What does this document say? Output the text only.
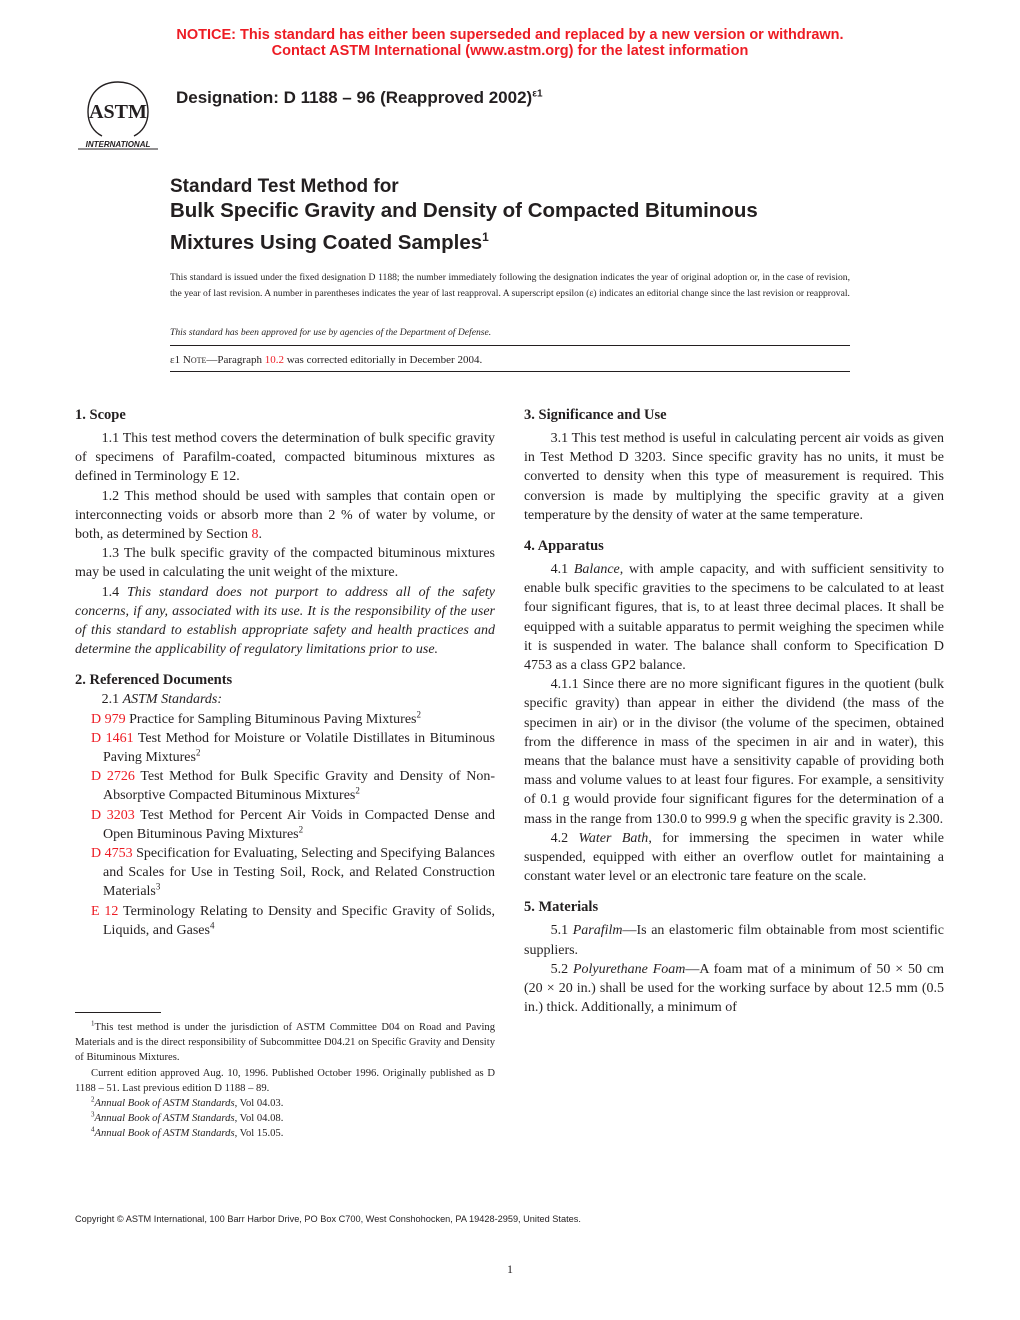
NOTICE: This standard has either been superseded and replaced by a new version or withdrawn.
Contact ASTM International (www.astm.org) for the latest information
ASTM
INTERNATIONAL
Designation: D 1188 – 96 (Reapproved 2002)$^{\varepsilon 1}$
Standard Test Method for
Bulk Specific Gravity and Density of Compacted Bituminous
Mixtures Using Coated Samples$^1$
This standard is issued under the fixed designation D 1188; the number immediately following the designation indicates the year of original adoption or, in the case of revision, the year of last revision. A number in parentheses indicates the year of last reapproval. A superscript epsilon (ε) indicates an editorial change since the last revision or reapproval.
This standard has been approved for use by agencies of the Department of Defense.
ε1 Note—Paragraph 10.2 was corrected editorially in December 2004.
1. Scope

1.1 This test method covers the determination of bulk specific gravity of specimens of Parafilm-coated, compacted bituminous mixtures as defined in Terminology E 12.

1.2 This method should be used with samples that contain open or interconnecting voids or absorb more than 2 % of water by volume, or both, as determined by Section 8.

1.3 The bulk specific gravity of the compacted bituminous mixtures may be used in calculating the unit weight of the mixture.

1.4 This standard does not purport to address all of the safety concerns, if any, associated with its use. It is the responsibility of the user of this standard to establish appropriate safety and health practices and determine the applicability of regulatory limitations prior to use.

2. Referenced Documents

2.1 ASTM Standards:

D 979 Practice for Sampling Bituminous Paving Mixtures$^2$

D 1461 Test Method for Moisture or Volatile Distillates in Bituminous Paving Mixtures$^2$

D 2726 Test Method for Bulk Specific Gravity and Density of Non-Absorptive Compacted Bituminous Mixtures$^2$

D 3203 Test Method for Percent Air Voids in Compacted Dense and Open Bituminous Paving Mixtures$^2$

D 4753 Specification for Evaluating, Selecting and Specifying Balances and Scales for Use in Testing Soil, Rock, and Related Construction Materials$^3$

E 12 Terminology Relating to Density and Specific Gravity of Solids, Liquids, and Gases$^4$

$^1$This test method is under the jurisdiction of ASTM Committee D04 on Road and Paving Materials and is the direct responsibility of Subcommittee D04.21 on Specific Gravity and Density of Bituminous Mixtures.

Current edition approved Aug. 10, 1996. Published October 1996. Originally published as D 1188 – 51. Last previous edition D 1188 – 89.

$^2$Annual Book of ASTM Standards, Vol 04.03.

$^3$Annual Book of ASTM Standards, Vol 04.08.

$^4$Annual Book of ASTM Standards, Vol 15.05.

3. Significance and Use

3.1 This test method is useful in calculating percent air voids as given in Test Method D 3203. Since specific gravity has no units, it must be converted to density when this type of measurement is required. This conversion is made by multiplying the specific gravity at a given temperature by the density of water at the same temperature.

4. Apparatus

4.1 Balance, with ample capacity, and with sufficient sensitivity to enable bulk specific gravities to the specimens to be calculated to at least four significant figures, that is, to at least three decimal places. It shall be equipped with a suitable apparatus to permit weighing the specimen while it is suspended in water. The balance shall conform to Specification D 4753 as a class GP2 balance.

4.1.1 Since there are no more significant figures in the quotient (bulk specific gravity) than appear in either the dividend (the mass of the specimen in air) or in the divisor (the volume of the specimen, obtained from the difference in mass of the specimen in air and in water), this means that the balance must have a sensitivity capable of providing both mass and volume values to at least four figures. For example, a sensitivity of 0.1 g would provide four significant figures for the determination of a mass in the range from 130.0 to 999.9 g when the specific gravity is 2.300.

4.2 Water Bath, for immersing the specimen in water while suspended, equipped with either an overflow outlet for maintaining a constant water level or an electronic tare feature on the scale.

5. Materials

5.1 Parafilm—Is an elastomeric film obtainable from most scientific suppliers.

5.2 Polyurethane Foam—A foam mat of a minimum of 50 × 50 cm (20 × 20 in.) shall be used for the working surface by about 12.5 mm (0.5 in.) thick. Additionally, a minimum of

Copyright © ASTM International, 100 Barr Harbor Drive, PO Box C700, West Conshohocken, PA 19428-2959, United States.
1
